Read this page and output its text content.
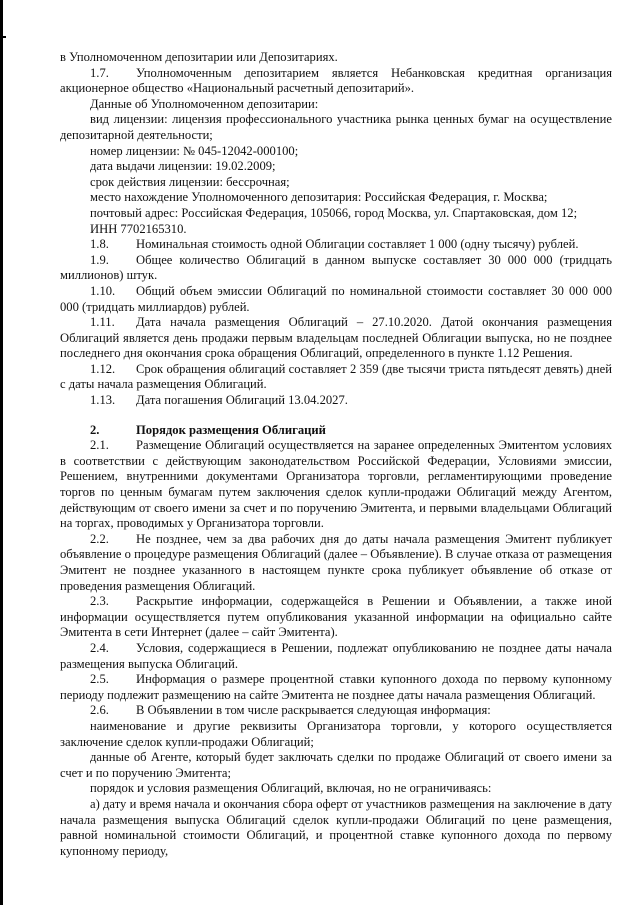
в Уполномоченном депозитарии или Депозитариях.

1.7. Уполномоченным депозитарием является Небанковская кредитная организация акционерное общество «Национальный расчетный депозитарий».

Данные об Уполномоченном депозитарии:

вид лицензии: лицензия профессионального участника рынка ценных бумаг на осуществление депозитарной деятельности;

номер лицензии: № 045-12042-000100;

дата выдачи лицензии: 19.02.2009;

срок действия лицензии: бессрочная;

место нахождение Уполномоченного депозитария: Российская Федерация, г. Москва;

почтовый адрес: Российская Федерация, 105066, город Москва, ул. Спартаковская, дом 12;

ИНН 7702165310.

1.8. Номинальная стоимость одной Облигации составляет 1 000 (одну тысячу) рублей.

1.9. Общее количество Облигаций в данном выпуске составляет 30 000 000 (тридцать миллионов) штук.

1.10. Общий объем эмиссии Облигаций по номинальной стоимости составляет 30 000 000 000 (тридцать миллиардов) рублей.

1.11. Дата начала размещения Облигаций – 27.10.2020. Датой окончания размещения Облигаций является день продажи первым владельцам последней Облигации выпуска, но не позднее последнего дня окончания срока обращения Облигаций, определенного в пункте 1.12 Решения.

1.12. Срок обращения облигаций составляет 2 359 (две тысячи триста пятьдесят девять) дней с даты начала размещения Облигаций.

1.13. Дата погашения Облигаций 13.04.2027.

2.	Порядок размещения Облигаций

2.1. Размещение Облигаций осуществляется на заранее определенных Эмитентом условиях в соответствии с действующим законодательством Российской Федерации, Условиями эмиссии, Решением, внутренними документами Организатора торговли, регламентирующими проведение торгов по ценным бумагам путем заключения сделок купли-продажи Облигаций между Агентом, действующим от своего имени за счет и по поручению Эмитента, и первыми владельцами Облигаций на торгах, проводимых у Организатора торговли.

2.2. Не позднее, чем за два рабочих дня до даты начала размещения Эмитент публикует объявление о процедуре размещения Облигаций (далее – Объявление). В случае отказа от размещения Эмитент не позднее указанного в настоящем пункте срока публикует объявление об отказе от проведения размещения Облигаций.

2.3. Раскрытие информации, содержащейся в Решении и Объявлении, а также иной информации осуществляется путем опубликования указанной информации на официально сайте Эмитента в сети Интернет (далее – сайт Эмитента).

2.4. Условия, содержащиеся в Решении, подлежат опубликованию не позднее даты начала размещения выпуска Облигаций.

2.5. Информация о размере процентной ставки купонного дохода по первому купонному периоду подлежит размещению на сайте Эмитента не позднее даты начала размещения Облигаций.

2.6. В Объявлении в том числе раскрывается следующая информация:

наименование и другие реквизиты Организатора торговли, у которого осуществляется заключение сделок купли-продажи Облигаций;

данные об Агенте, который будет заключать сделки по продаже Облигаций от своего имени за счет и по поручению Эмитента;

порядок и условия размещения Облигаций, включая, но не ограничиваясь:

а) дату и время начала и окончания сбора оферт от участников размещения на заключение в дату начала размещения выпуска Облигаций сделок купли-продажи Облигаций по цене размещения, равной номинальной стоимости Облигаций, и процентной ставке купонного дохода по первому купонному периоду,
